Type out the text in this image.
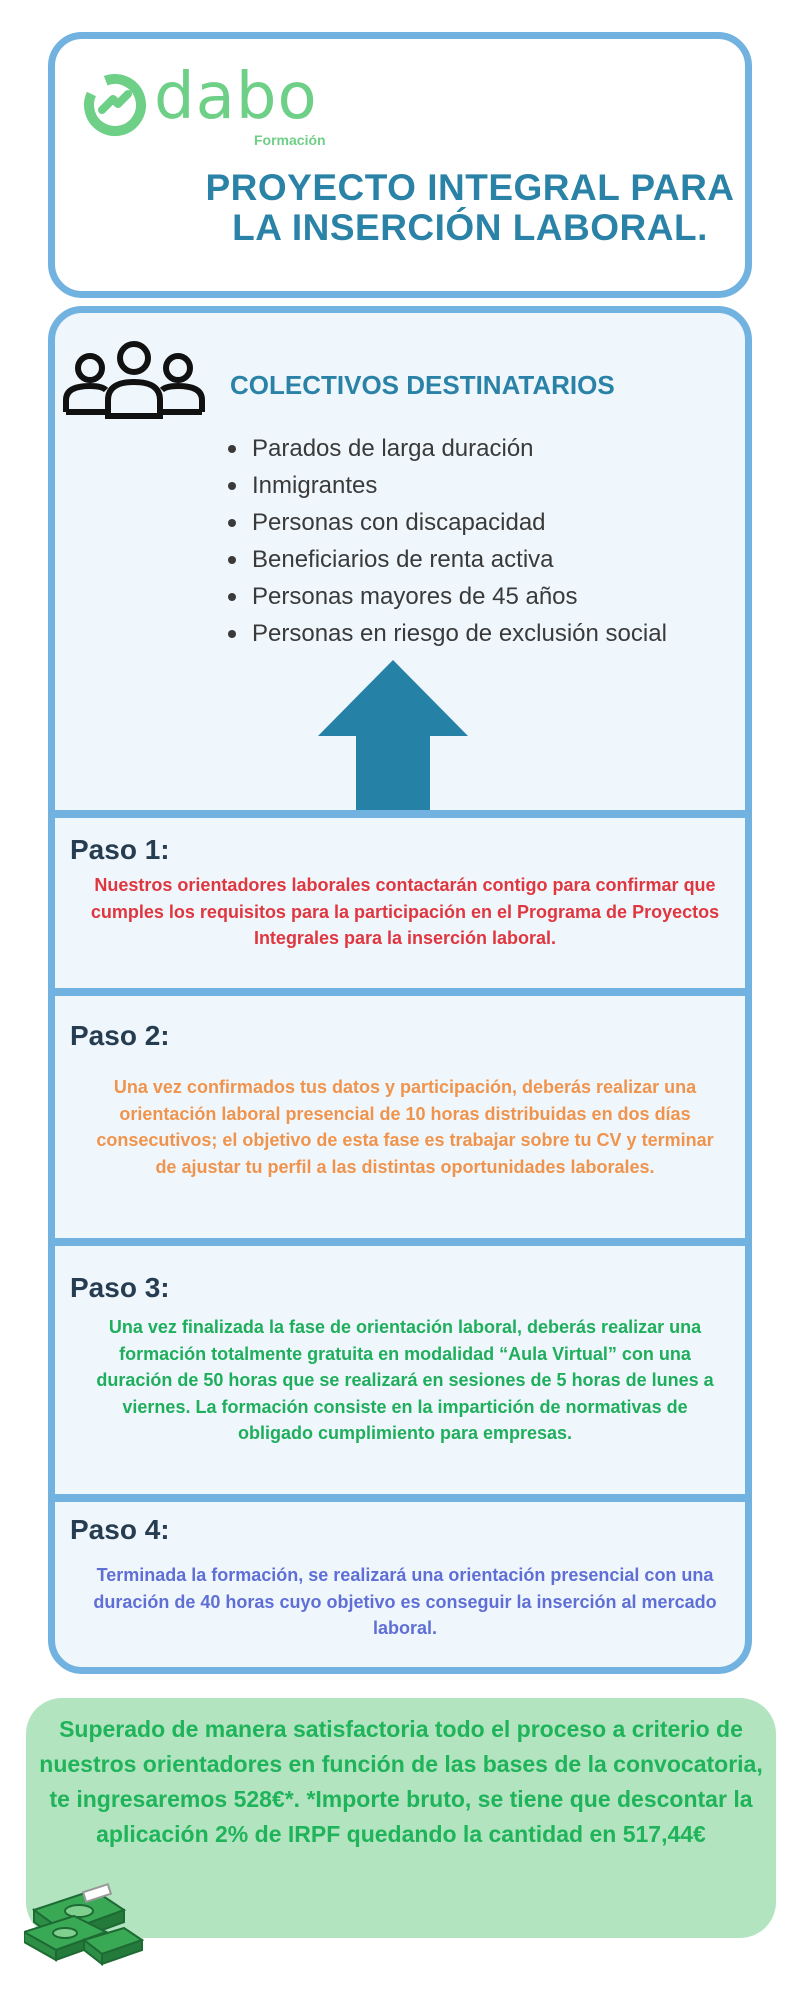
dabo
Formación
PROYECTO INTEGRAL PARA
LA INSERCIÓN LABORAL.
COLECTIVOS DESTINATARIOS
Parados de larga duración
Inmigrantes
Personas con discapacidad
Beneficiarios de renta activa
Personas mayores de 45 años
Personas en riesgo de exclusión social
Paso 1:

Nuestros orientadores laborales contactarán contigo para confirmar que cumples los requisitos para la participación en el Programa de Proyectos Integrales para la inserción laboral.

Paso 2:

Una vez confirmados tus datos y participación, deberás realizar una orientación laboral presencial de 10 horas distribuidas en dos días consecutivos; el objetivo de esta fase es trabajar sobre tu CV y terminar de ajustar tu perfil a las distintas oportunidades laborales.

Paso 3:

Una vez finalizada la fase de orientación laboral, deberás realizar una formación totalmente gratuita en modalidad “Aula Virtual” con una duración de 50 horas que se realizará en sesiones de 5 horas de lunes a viernes. La formación consiste en la impartición de normativas de obligado cumplimiento para empresas.

Paso 4:

Terminada la formación, se realizará una orientación presencial con una duración de 40 horas cuyo objetivo es conseguir la inserción al mercado laboral.

Superado de manera satisfactoria todo el proceso a criterio de nuestros orientadores en función de las bases de la convocatoria, te ingresaremos 528€*. *Importe bruto, se tiene que descontar la aplicación 2% de IRPF quedando la cantidad en 517,44€
